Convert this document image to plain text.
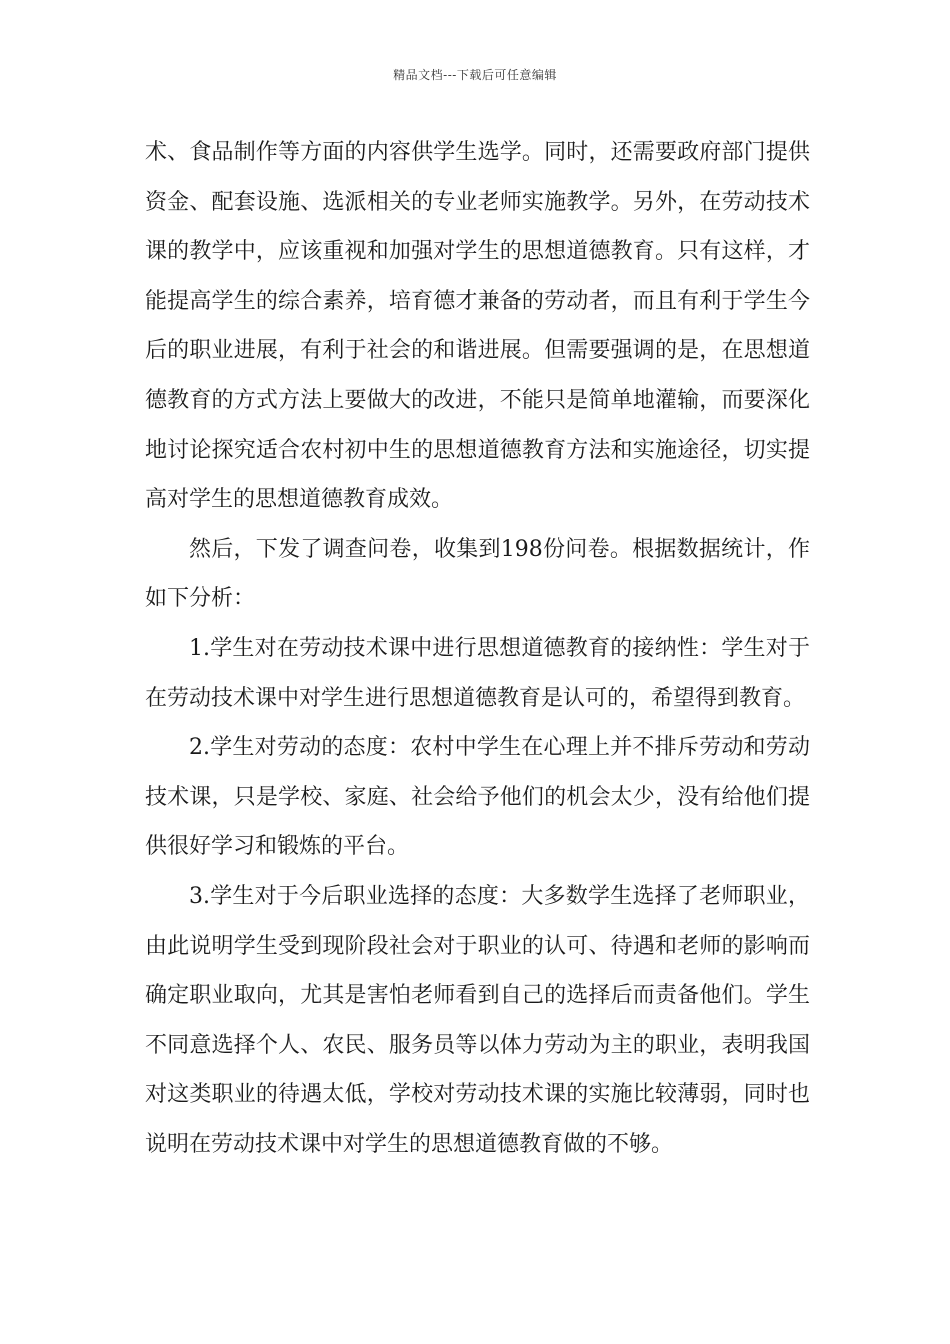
精品文档---下载后可任意编辑

术、食品制作等方面的内容供学生选学。同时，还需要政府部门提供资金、配套设施、选派相关的专业老师实施教学。另外，在劳动技术课的教学中，应该重视和加强对学生的思想道德教育。只有这样，才能提高学生的综合素养，培育德才兼备的劳动者，而且有利于学生今后的职业进展，有利于社会的和谐进展。但需要强调的是，在思想道德教育的方式方法上要做大的改进，不能只是简单地灌输，而要深化地讨论探究适合农村初中生的思想道德教育方法和实施途径，切实提高对学生的思想道德教育成效。

然后，下发了调查问卷，收集到198份问卷。根据数据统计，作如下分析：

1.学生对在劳动技术课中进行思想道德教育的接纳性：学生对于在劳动技术课中对学生进行思想道德教育是认可的，希望得到教育。

2.学生对劳动的态度：农村中学生在心理上并不排斥劳动和劳动技术课，只是学校、家庭、社会给予他们的机会太少，没有给他们提供很好学习和锻炼的平台。

3.学生对于今后职业选择的态度：大多数学生选择了老师职业，由此说明学生受到现阶段社会对于职业的认可、待遇和老师的影响而确定职业取向，尤其是害怕老师看到自己的选择后而责备他们。学生不同意选择个人、农民、服务员等以体力劳动为主的职业，表明我国对这类职业的待遇太低，学校对劳动技术课的实施比较薄弱，同时也说明在劳动技术课中对学生的思想道德教育做的不够。
